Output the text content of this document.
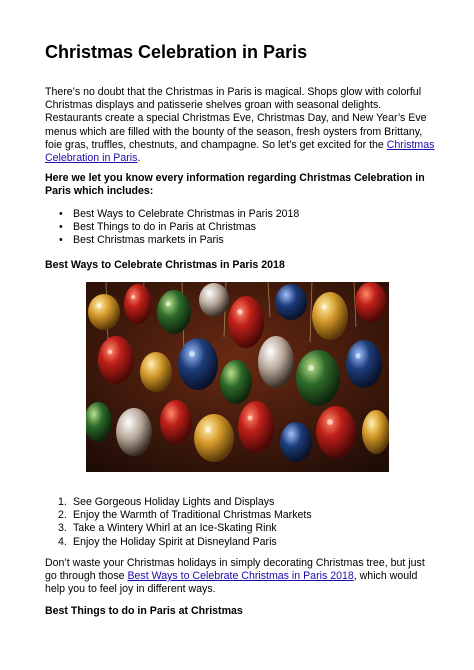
Christmas Celebration in Paris

There’s no doubt that the Christmas in Paris is magical. Shops glow with colorful Christmas displays and patisserie shelves groan with seasonal delights. Restaurants create a special Christmas Eve, Christmas Day, and New Year’s Eve menus which are filled with the bounty of the season, fresh oysters from Brittany, foie gras, truffles, chestnuts, and champagne. So let’s get excited for the Christmas Celebration in Paris.

Here we let you know every information regarding Christmas Celebration in Paris which includes:

• Best Ways to Celebrate Christmas in Paris 2018
• Best Things to do in Paris at Christmas
• Best Christmas markets in Paris

Best Ways to Celebrate Christmas in Paris 2018

1. See Gorgeous Holiday Lights and Displays
2. Enjoy the Warmth of Traditional Christmas Markets
3. Take a Wintery Whirl at an Ice-Skating Rink
4. Enjoy the Holiday Spirit at Disneyland Paris

Don’t waste your Christmas holidays in simply decorating Christmas tree, but just go through those Best Ways to Celebrate Christmas in Paris 2018, which would help you to feel joy in different ways.

Best Things to do in Paris at Christmas
